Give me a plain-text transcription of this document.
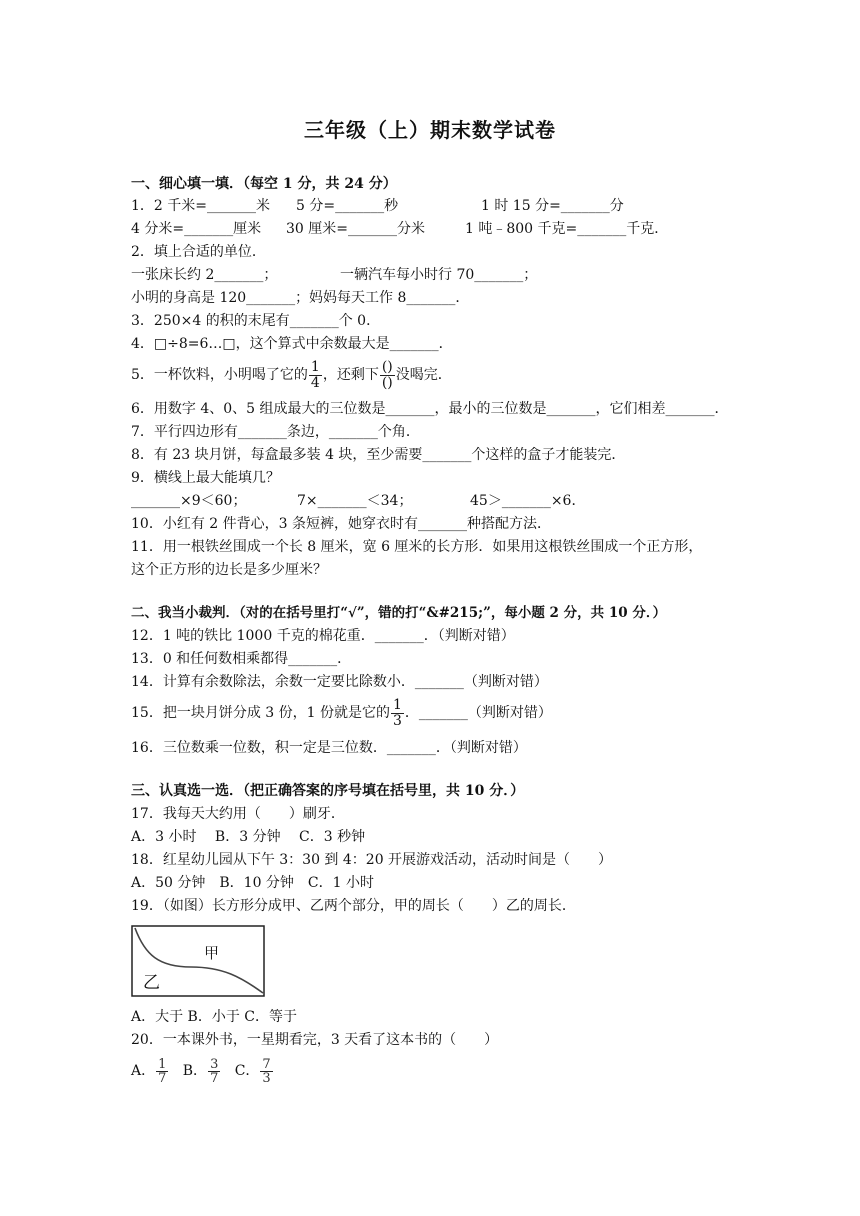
三年级（上）期末数学试卷
一、细心填一填．（每空 1 分，共 24 分）
1．2 千米=_______米 5 分=_______秒	1 时 15 分=_______分
4 分米=_______厘米 30 厘米=_______分米	1 吨﹣800 千克=_______千克．
2．填上合适的单位．
一张床长约 2_______；	一辆汽车每小时行 70_______；
小明的身高是 120_______； 妈妈每天工作 8_______．
3．250×4 的积的末尾有_______个 0．
4．□÷8=6…□，这个算式中余数最大是_______．
5．一杯饮料，小明喝了它的 $\frac{1}{4}$ ，还剩下 $\frac{()}{()}$ 没喝完．
6．用数字 4、0、5 组成最大的三位数是_______，最小的三位数是_______，它们相差_______．
7．平行四边形有_______条边，_______个角．
8．有 23 块月饼，每盒最多装 4 块，至少需要_______个这样的盒子才能装完．
9．横线上最大能填几？
_______×9＜60；	7×_______＜34；	45＞_______×6．
10．小红有 2 件背心，3 条短裤，她穿衣时有_______种搭配方法．
11．用一根铁丝围成一个长 8 厘米，宽 6 厘米的长方形．如果用这根铁丝围成一个正方形，
这个正方形的边长是多少厘米？
二、我当小裁判．（对的在括号里打“√”，错的打“&#215;”，每小题 2 分，共 10 分．）
12．1 吨的铁比 1000 千克的棉花重．_______．（判断对错）
13．0 和任何数相乘都得_______．
14．计算有余数除法，余数一定要比除数小．_______（判断对错）
15．把一块月饼分成 3 份，1 份就是它的 $\frac{1}{3}$ ．_______（判断对错）
16．三位数乘一位数，积一定是三位数．_______．（判断对错）
三、认真选一选．（把正确答案的序号填在括号里，共 10 分．）
17．我每天大约用（　　）刷牙．
A．3 小时　 B．3 分钟　 C．3 秒钟
18．红星幼儿园从下午 3：30 到 4：20 开展游戏活动，活动时间是（　　）
A．50 分钟　B．10 分钟　C．1 小时
19．（如图）长方形分成甲、乙两个部分，甲的周长（　　）乙的周长．
甲
乙
A．大于 B．小于 C．等于
20．一本课外书，一星期看完，3 天看了这本书的（　　）
A． $\frac{1}{7}$ B． $\frac{3}{7}$ C． $\frac{7}{3}$
